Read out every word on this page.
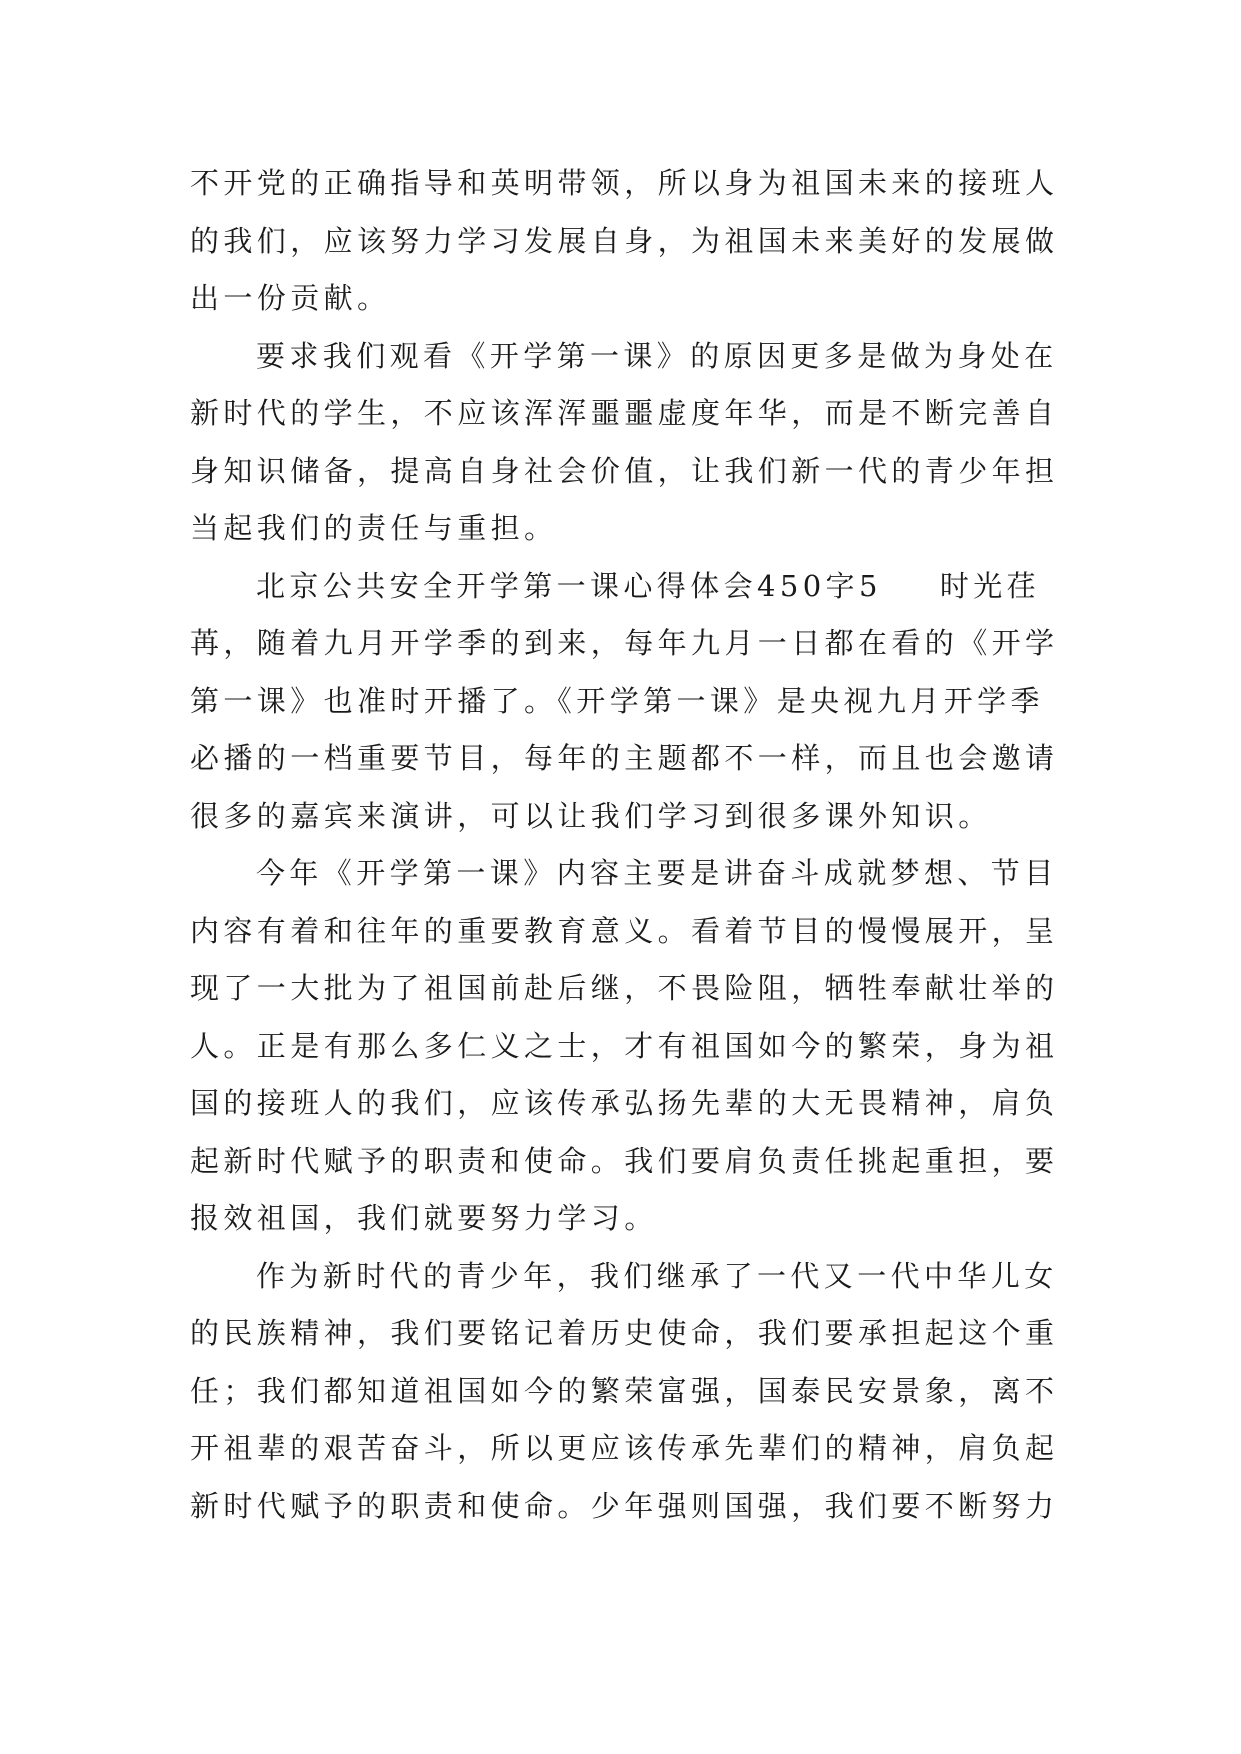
不开党的正确指导和英明带领，所以身为祖国未来的接班人
的我们，应该努力学习发展自身，为祖国未来美好的发展做
出一份贡献。
要求我们观看《开学第一课》的原因更多是做为身处在
新时代的学生，不应该浑浑噩噩虚度年华，而是不断完善自
身知识储备，提高自身社会价值，让我们新一代的青少年担
当起我们的责任与重担。
北京公共安全开学第一课心得体会450字5 时光荏
苒，随着九月开学季的到来，每年九月一日都在看的《开学
第一课》也准时开播了。《开学第一课》是央视九月开学季
必播的一档重要节目，每年的主题都不一样，而且也会邀请
很多的嘉宾来演讲，可以让我们学习到很多课外知识。
今年《开学第一课》内容主要是讲奋斗成就梦想、节目
内容有着和往年的重要教育意义。看着节目的慢慢展开，呈
现了一大批为了祖国前赴后继，不畏险阻，牺牲奉献壮举的
人。正是有那么多仁义之士，才有祖国如今的繁荣，身为祖
国的接班人的我们，应该传承弘扬先辈的大无畏精神，肩负
起新时代赋予的职责和使命。我们要肩负责任挑起重担，要
报效祖国，我们就要努力学习。
作为新时代的青少年，我们继承了一代又一代中华儿女
的民族精神，我们要铭记着历史使命，我们要承担起这个重
任；我们都知道祖国如今的繁荣富强，国泰民安景象，离不
开祖辈的艰苦奋斗，所以更应该传承先辈们的精神，肩负起
新时代赋予的职责和使命。少年强则国强，我们要不断努力
